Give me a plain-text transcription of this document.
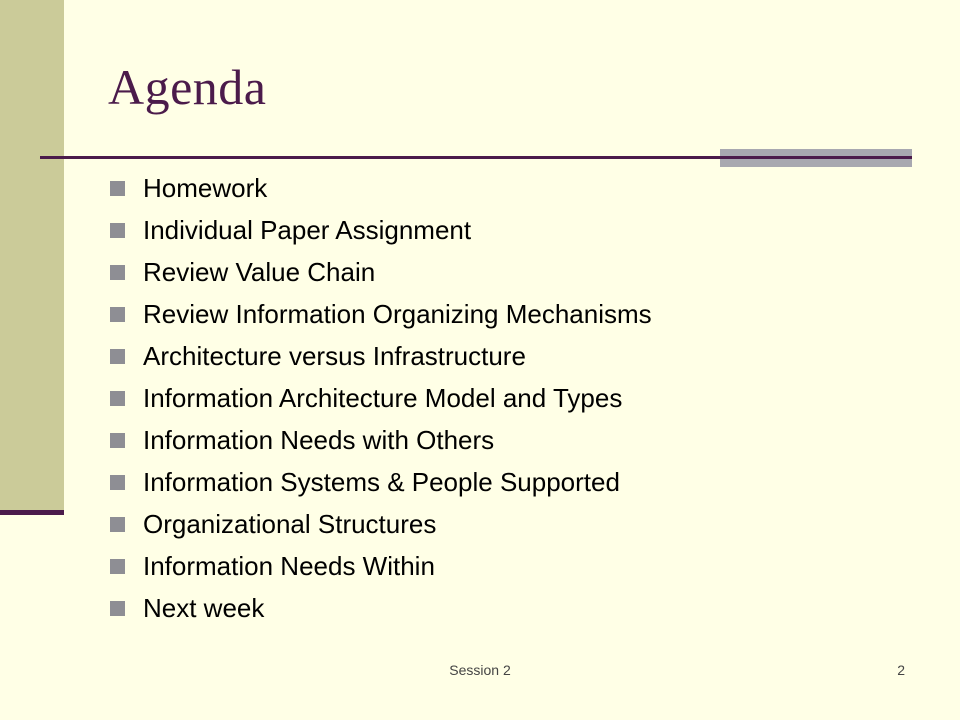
Agenda
Homework
Individual Paper Assignment
Review Value Chain
Review Information Organizing Mechanisms
Architecture versus Infrastructure
Information Architecture Model and Types
Information Needs with Others
Information Systems & People Supported
Organizational Structures
Information Needs Within
Next week
Session 2	2
